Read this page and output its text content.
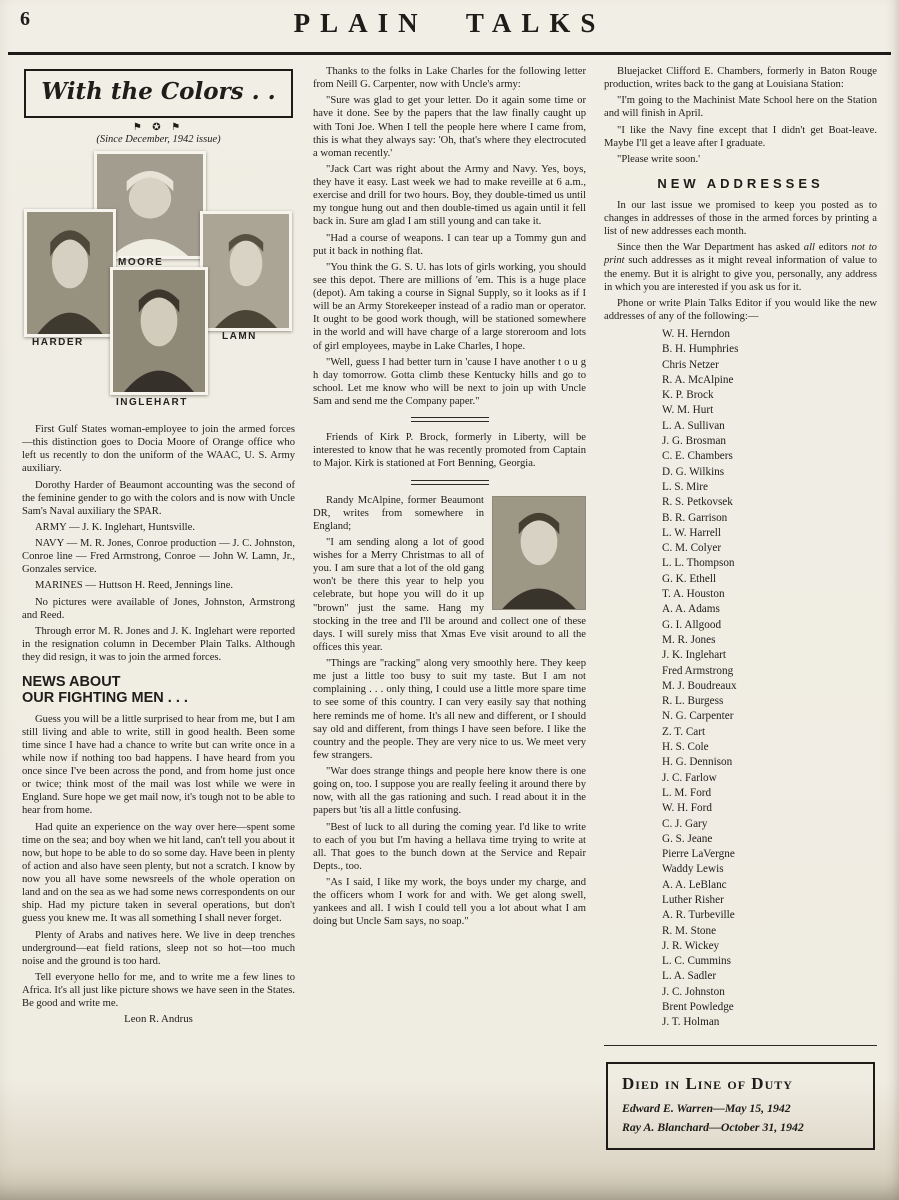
6	PLAIN TALKS
With the Colors . .
⚑ ✪ ⚑
(Since December, 1942 issue)
MOORE
HARDER
LAMN
INGLEHART

First Gulf States woman-employee to join the armed forces—this distinction goes to Docia Moore of Orange office who left us recently to don the uniform of the WAAC, U. S. Army auxiliary.

Dorothy Harder of Beaumont accounting was the second of the feminine gender to go with the colors and is now with Uncle Sam's Naval auxiliary the SPAR.

ARMY — J. K. Inglehart, Huntsville.

NAVY — M. R. Jones, Conroe production — J. C. Johnston, Conroe line — Fred Armstrong, Conroe — John W. Lamn, Jr., Gonzales service.

MARINES — Huttson H. Reed, Jennings line.

No pictures were available of Jones, Johnston, Armstrong and Reed.

Through error M. R. Jones and J. K. Inglehart were reported in the resignation column in December Plain Talks. Although they did resign, it was to join the armed forces.

NEWS ABOUT
OUR FIGHTING MEN . . .

Guess you will be a little surprised to hear from me, but I am still living and able to write, still in good health. Been some time since I have had a chance to write but can write once in a while now if nothing too bad happens. I have heard from you once since I've been across the pond, and from home just once or twice; think most of the mail was lost while we were in England. Sure hope we get mail now, it's tough not to be able to hear from home.

Had quite an experience on the way over here—spent some time on the sea; and boy when we hit land, can't tell you about it now, but hope to be able to do so some day. Have been in plenty of action and also have seen plenty, but not a scratch. I know by now you all have some newsreels of the whole operation on land and on the sea as we had some news correspondents on our ship. Had my picture taken in several operations, but don't guess you knew me. It was all something I shall never forget.

Plenty of Arabs and natives here. We live in deep trenches underground—eat field rations, sleep not so hot—too much noise and the ground is too hard.

Tell everyone hello for me, and to write me a few lines to Africa. It's all just like picture shows we have seen in the States. Be good and write me.

Leon R. Andrus

Thanks to the folks in Lake Charles for the following letter from Neill G. Carpenter, now with Uncle's army:

"Sure was glad to get your letter. Do it again some time or have it done. See by the papers that the law finally caught up with Toni Joe. When I tell the people here where I came from, this is what they always say: 'Oh, that's where they electrocuted a woman recently.'

"Jack Cart was right about the Army and Navy. Yes, boys, they have it easy. Last week we had to make reveille at 6 a.m., exercise and drill for two hours. Boy, they double-timed us until my tongue hung out and then double-timed us again until it fell back in. Sure am glad I am still young and can take it.

"Had a course of weapons. I can tear up a Tommy gun and put it back in nothing flat.

"You think the G. S. U. has lots of girls working, you should see this depot. There are millions of 'em. This is a huge place (depot). Am taking a course in Signal Supply, so it looks as if I will be an Army Storekeeper instead of a radio man or operator. It ought to be good work though, will be stationed somewhere in the world and will have charge of a large storeroom and lots of girl employees, maybe in Lake Charles, I hope.

"Well, guess I had better turn in 'cause I have another t o u g h day tomorrow. Gotta climb these Kentucky hills and go to school. Let me know who will be next to join up with Uncle Sam and send me the Company paper."

Friends of Kirk P. Brock, formerly in Liberty, will be interested to know that he was recently promoted from Captain to Major. Kirk is stationed at Fort Benning, Georgia.

Randy McAlpine, former Beaumont DR, writes from somewhere in England;

"I am sending along a lot of good wishes for a Merry Christmas to all of you. I am sure that a lot of the old gang won't be there this year to help you celebrate, but hope you will do it up "brown" just the same. Hang my stocking in the tree and I'll be around and collect one of these days. I will surely miss that Xmas Eve visit around to all the offices this year.

"Things are "racking" along very smoothly here. They keep me just a little too busy to suit my taste. But I am not complaining . . . only thing, I could use a little more spare time to see some of this country. I can very easily say that nothing here reminds me of home. It's all new and different, or I should say old and different, from things I have seen before. I like the country and the people. They are very nice to us. We meet very few strangers.

"War does strange things and people here know there is one going on, too. I suppose you are really feeling it around there by now, with all the gas rationing and such. I read about it in the papers but 'tis all a little confusing.

"Best of luck to all during the coming year. I'd like to write to each of you but I'm having a hellava time trying to write at all. That goes to the bunch down at the Service and Repair Depts., too.

"As I said, I like my work, the boys under my charge, and the officers whom I work for and with. We get along swell, yankees and all. I wish I could tell you a lot about what I am doing but Uncle Sam says, no soap."

Bluejacket Clifford E. Chambers, formerly in Baton Rouge production, writes back to the gang at Louisiana Station:

"I'm going to the Machinist Mate School here on the Station and will finish in April.

"I like the Navy fine except that I didn't get Boat-leave. Maybe I'll get a leave after I graduate.

"Please write soon.'

NEW ADDRESSES

In our last issue we promised to keep you posted as to changes in addresses of those in the armed forces by printing a list of new addresses each month.

Since then the War Department has asked all editors not to print such addresses as it might reveal information of value to the enemy. But it is alright to give you, personally, any address in which you are interested if you ask us for it.

Phone or write Plain Talks Editor if you would like the new addresses of any of the following:—

W. H. Herndon
B. H. Humphries
Chris Netzer
R. A. McAlpine
K. P. Brock
W. M. Hurt
L. A. Sullivan
J. G. Brosman
C. E. Chambers
D. G. Wilkins
L. S. Mire
R. S. Petkovsek
B. R. Garrison
L. W. Harrell
C. M. Colyer
L. L. Thompson
G. K. Ethell
T. A. Houston
A. A. Adams
G. I. Allgood
M. R. Jones
J. K. Inglehart
Fred Armstrong
M. J. Boudreaux
R. L. Burgess
N. G. Carpenter
Z. T. Cart
H. S. Cole
H. G. Dennison
J. C. Farlow
L. M. Ford
W. H. Ford
C. J. Gary
G. S. Jeane
Pierre LaVergne
Waddy Lewis
A. A. LeBlanc
Luther Risher
A. R. Turbeville
R. M. Stone
J. R. Wickey
L. C. Cummins
L. A. Sadler
J. C. Johnston
Brent Powledge
J. T. Holman
Died in Line of Duty
Edward E. Warren—May 15, 1942
Ray A. Blanchard—October 31, 1942
